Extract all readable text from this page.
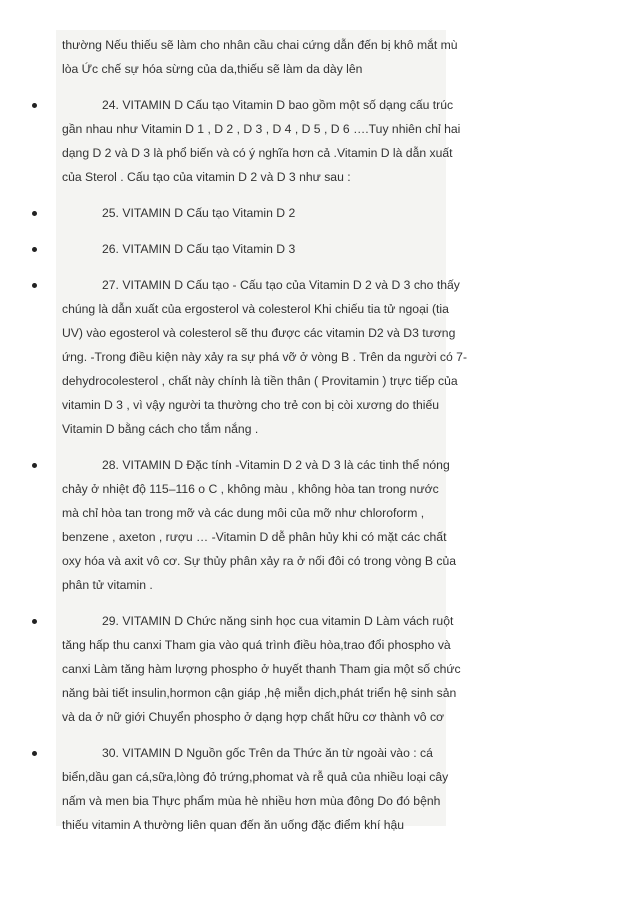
thường Nếu thiếu sẽ làm cho nhân cầu chai cứng dẫn đến bị khô mắt mù
lòa Ức chế sự hóa sừng của da,thiếu sẽ làm da dày lên
24. VITAMIN D Cấu tạo Vitamin D bao gồm một số dạng cấu trúc
gần nhau như Vitamin D 1 , D 2 , D 3 , D 4 , D 5 , D 6 ….Tuy nhiên chỉ hai
dạng D 2 và D 3 là phổ biến và có ý nghĩa hơn cả .Vitamin D là dẫn xuất
của Sterol . Cấu tạo của vitamin D 2 và D 3 như sau :
25. VITAMIN D Cấu tạo Vitamin D 2
26. VITAMIN D Cấu tạo Vitamin D 3
27. VITAMIN D Cấu tạo - Cấu tạo của Vitamin D 2 và D 3 cho thấy
chúng là dẫn xuất của ergosterol và colesterol Khi chiếu tia tử ngoại (tia
UV) vào egosterol và colesterol sẽ thu được các vitamin D2 và D3 tương
ứng. -Trong điều kiện này xảy ra sự phá vỡ ở vòng B . Trên da người có 7-
dehydrocolesterol , chất này chính là tiền thân ( Provitamin ) trực tiếp của
vitamin D 3 , vì vậy người ta thường cho trẻ con bị còi xương do thiếu
Vitamin D bằng cách cho tắm nắng .
28. VITAMIN D Đặc tính -Vitamin D 2 và D 3 là các tinh thể nóng
chảy ở nhiệt độ 115–116 o C , không màu , không hòa tan trong nước
mà chỉ hòa tan trong mỡ và các dung môi của mỡ như chloroform ,
benzene , axeton , rượu … -Vitamin D dễ phân hủy khi có mặt các chất
oxy hóa và axit vô cơ. Sự thủy phân xảy ra ở nối đôi có trong vòng B của
phân tử vitamin .
29. VITAMIN D Chức năng sinh học cua vitamin D Làm vách ruột
tăng hấp thu canxi Tham gia vào quá trình điều hòa,trao đổi phospho và
canxi Làm tăng hàm lượng phospho ở huyết thanh Tham gia một số chức
năng bài tiết insulin,hormon cận giáp ,hệ miễn dịch,phát triển hệ sinh sản
và da ở nữ giới Chuyển phospho ở dạng hợp chất hữu cơ thành vô cơ
30. VITAMIN D Nguồn gốc Trên da Thức ăn từ ngoài vào : cá
biển,dầu gan cá,sữa,lòng đỏ trứng,phomat và rễ quả của nhiều loại cây
nấm và men bia Thực phẩm mùa hè nhiều hơn mùa đông Do đó bệnh
thiếu vitamin A thường liên quan đến ăn uống đặc điểm khí hậu
